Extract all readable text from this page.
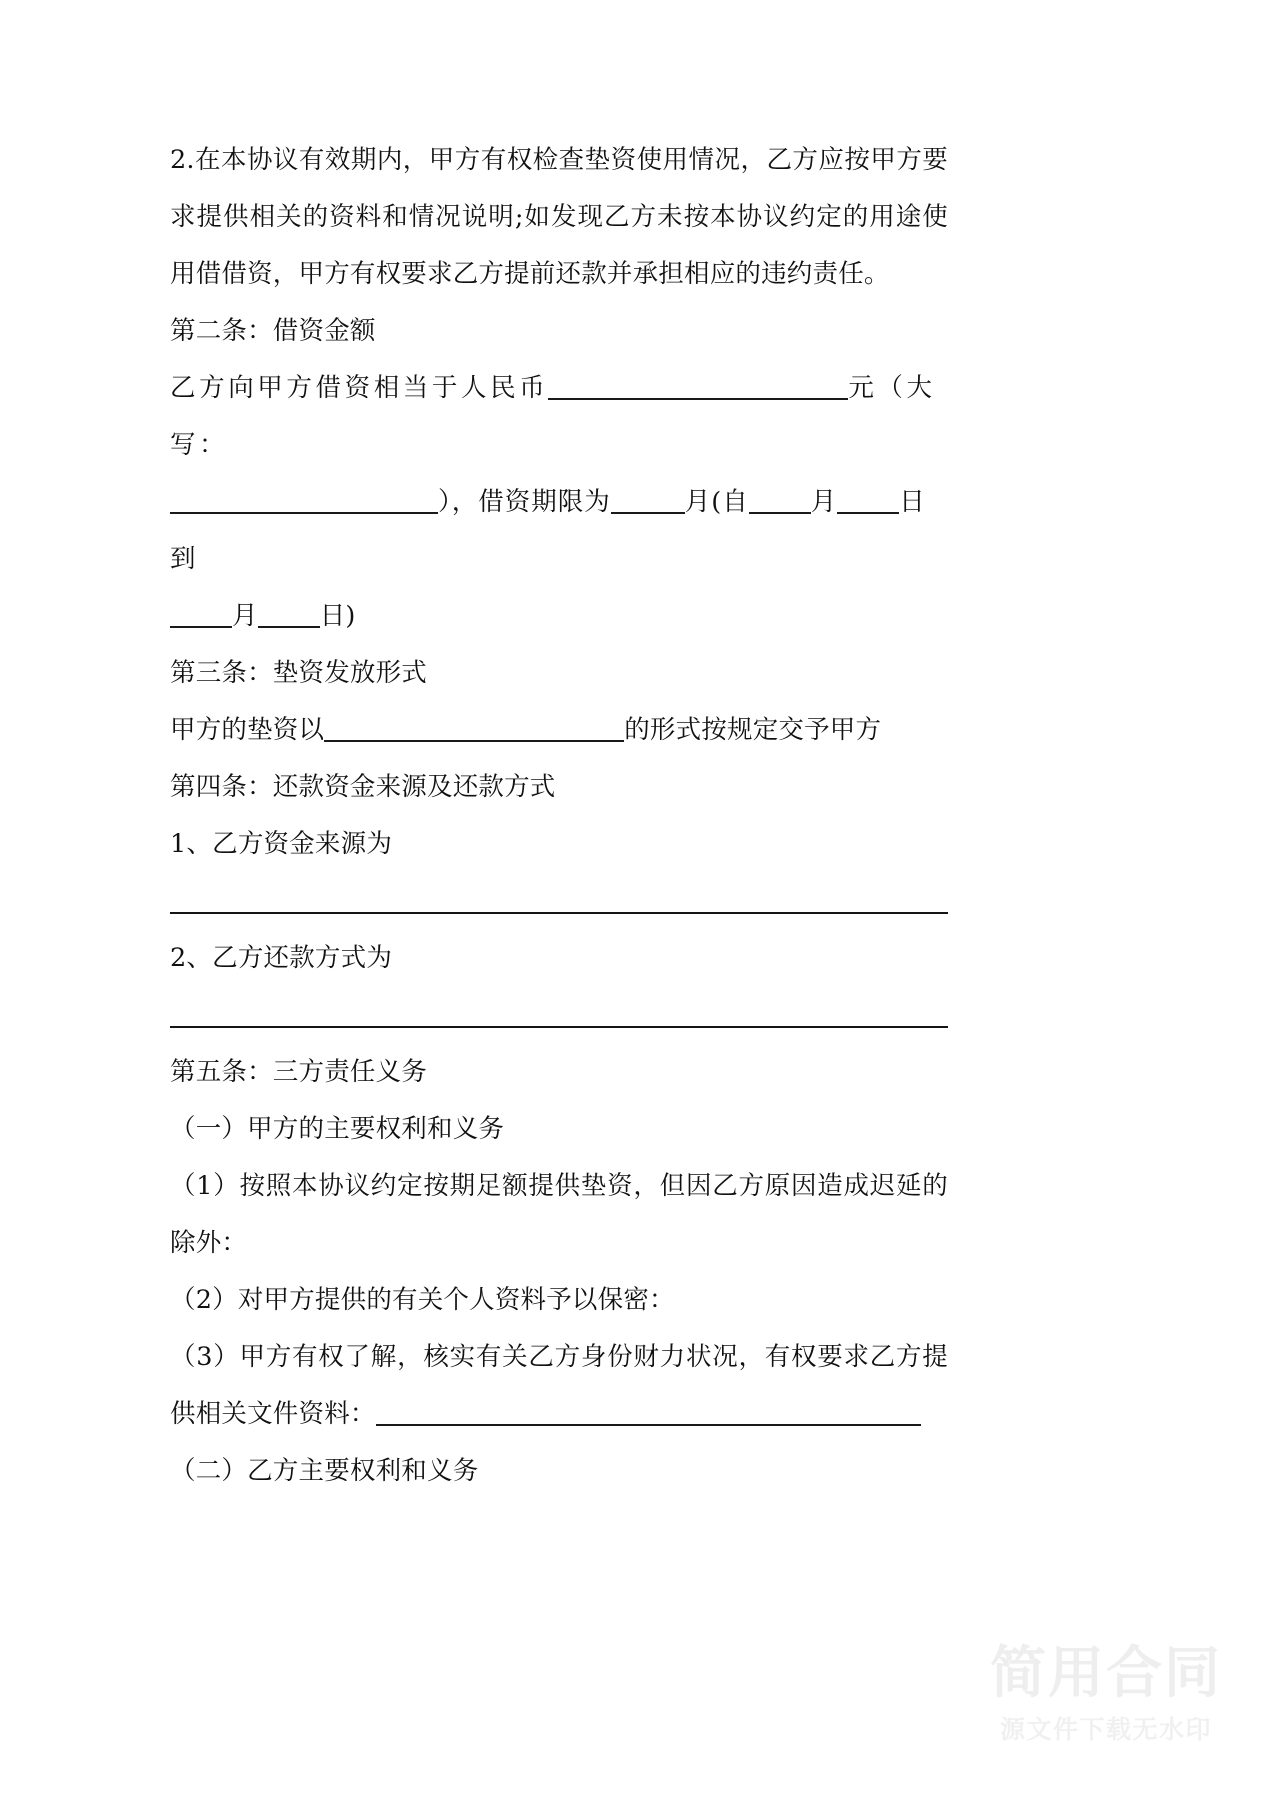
2.在本协议有效期内，甲方有权检查垫资使用情况，乙方应按甲方要求提供相关的资料和情况说明;如发现乙方未按本协议约定的用途使用借借资，甲方有权要求乙方提前还款并承担相应的违约责任。

第二条：借资金额

乙方向甲方借资相当于人民币	元（大写：

），借资期限为	月(自 月 日到

月 日)

第三条：垫资发放形式

甲方的垫资以	的形式按规定交予甲方

第四条：还款资金来源及还款方式

1、乙方资金来源为

2、乙方还款方式为

第五条：三方责任义务

（一）甲方的主要权利和义务

（1）按照本协议约定按期足额提供垫资，但因乙方原因造成迟延的除外：

（2）对甲方提供的有关个人资料予以保密：

（3）甲方有权了解，核实有关乙方身份财力状况，有权要求乙方提供相关文件资料：

（二）乙方主要权利和义务

简用合同
源文件下载无水印
